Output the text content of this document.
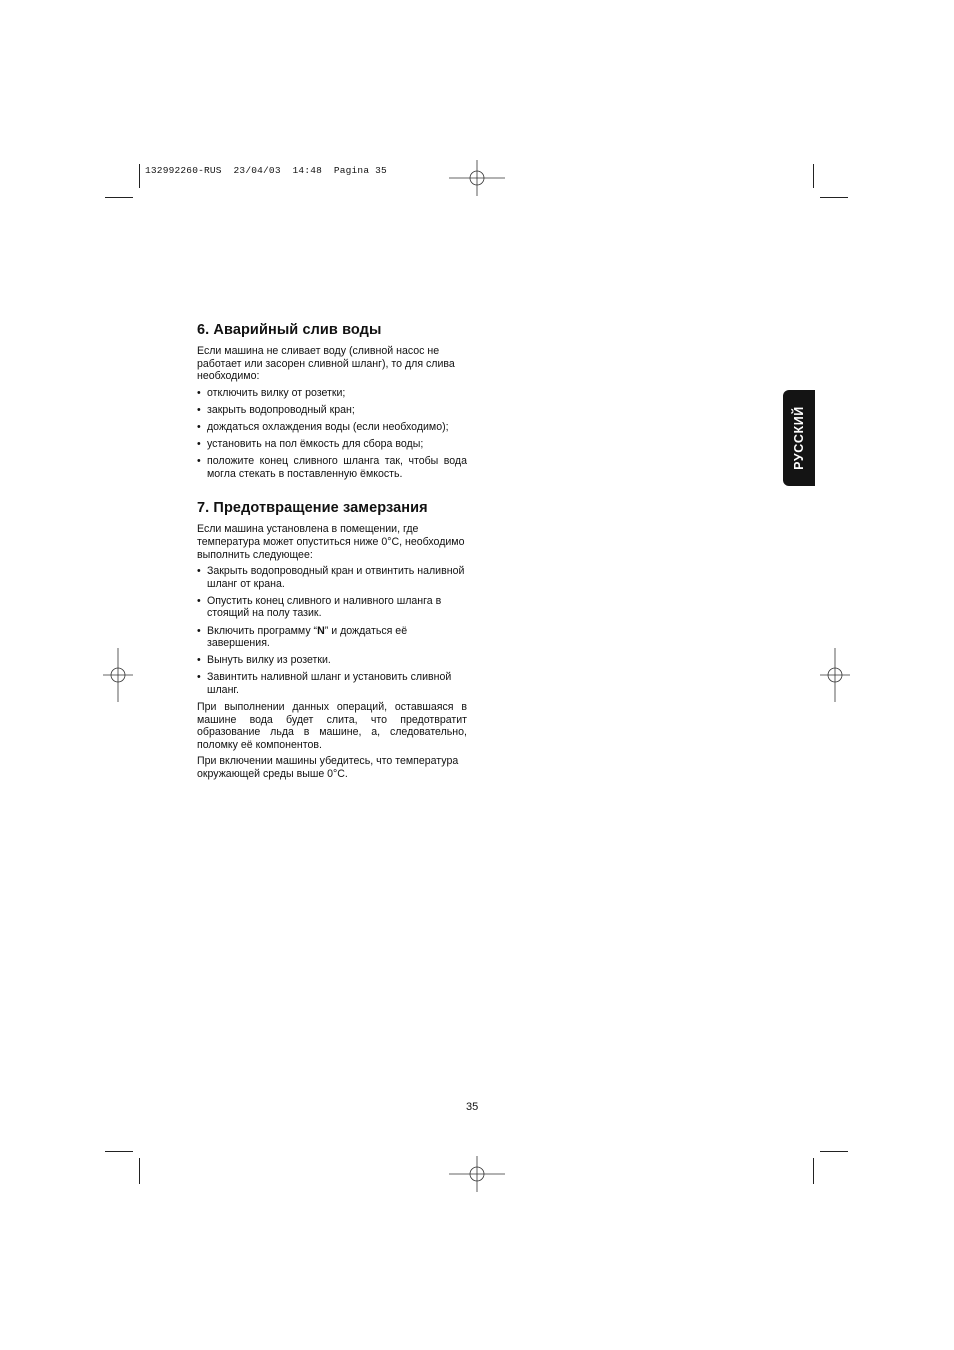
132992260-RUS  23/04/03  14:48  Pagina 35
РУССКИЙ
6. Аварийный слив воды

Если машина не сливает воду (сливной насос не работает или засорен сливной шланг), то для слива необходимо:

• отключить вилку от розетки;
• закрыть водопроводный кран;
• дождаться охлаждения воды (если необходимо);
• установить на пол ёмкость для сбора воды;
• положите конец сливного шланга так, чтобы вода могла стекать в поставленную ёмкость.
7. Предотвращение замерзания

Если машина установлена в помещении, где температура может опуститься ниже 0°C, необходимо выполнить следующее:

• Закрыть водопроводный кран и отвинтить наливной шланг от крана.
• Опустить конец сливного и наливного шланга в стоящий на полу тазик.
• Включить программу “N” и дождаться её завершения.
• Вынуть вилку из розетки.
• Завинтить наливной шланг и установить сливной шланг.

При выполнении данных операций, оставшаяся в машине вода будет слита, что предотвратит образование льда в машине, а, следовательно, поломку её компонентов.

При включении машины убедитесь, что температура окружающей среды выше 0°C.

35
